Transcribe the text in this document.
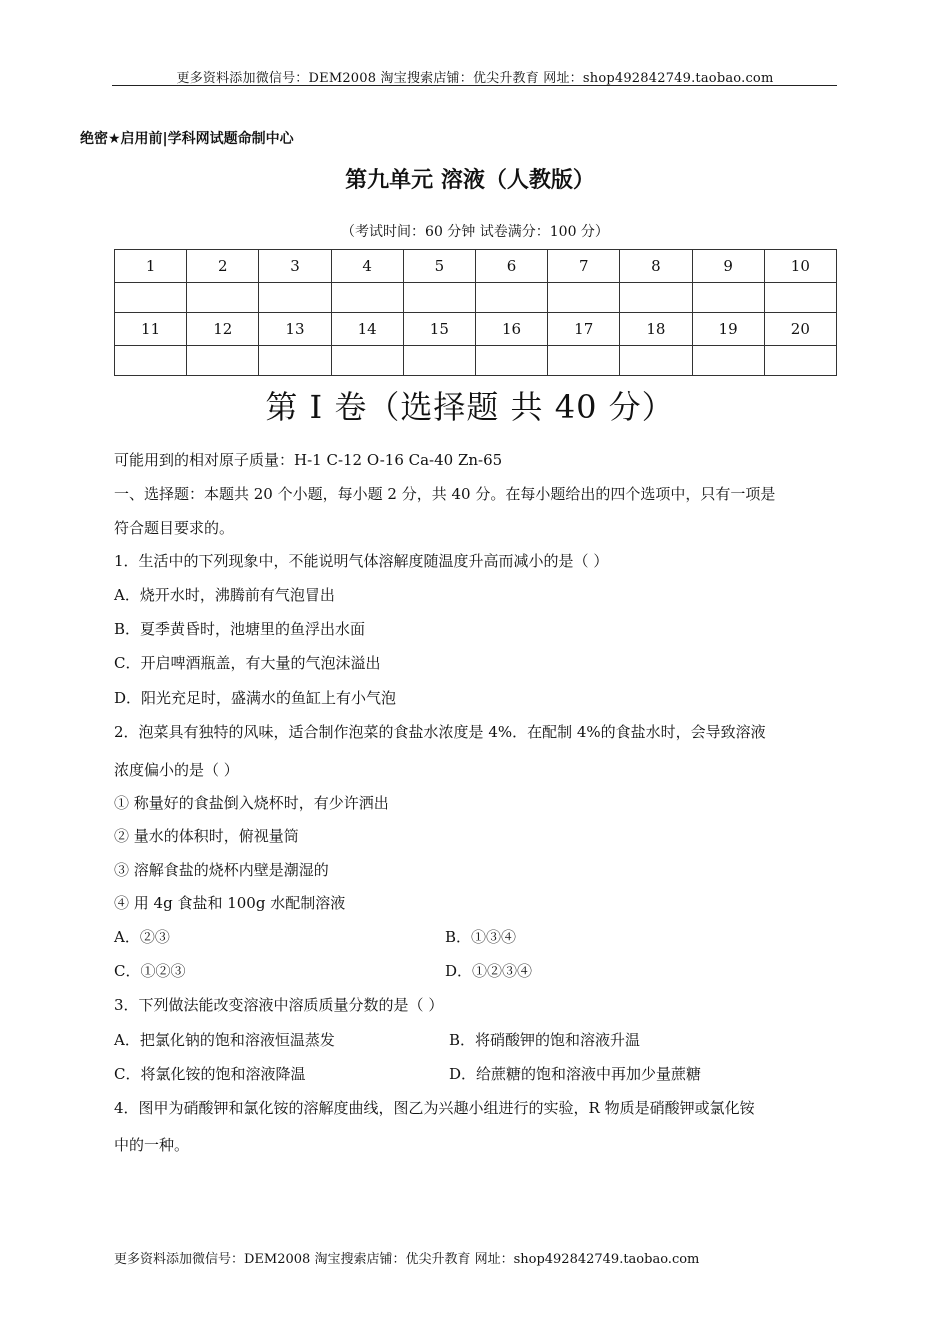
更多资料添加微信号：DEM2008 淘宝搜索店铺：优尖升教育 网址：shop492842749.taobao.com
绝密★启用前|学科网试题命制中心
第九单元 溶液（人教版）
（考试时间：60 分钟 试卷满分：100 分）
1	2	3	4	5	6	7	8	9	10

11	12	13	14	15	16	17	18	19	20

第 I 卷（选择题 共 40 分）
可能用到的相对原子质量：H-1 C-12 O-16 Ca-40 Zn-65
一、选择题：本题共 20 个小题，每小题 2 分，共 40 分。在每小题给出的四个选项中，只有一项是
符合题目要求的。
1．生活中的下列现象中，不能说明气体溶解度随温度升高而减小的是（ ）
A．烧开水时，沸腾前有气泡冒出
B．夏季黄昏时，池塘里的鱼浮出水面
C．开启啤酒瓶盖，有大量的气泡沫溢出
D．阳光充足时，盛满水的鱼缸上有小气泡
2．泡菜具有独特的风味，适合制作泡菜的食盐水浓度是 4%．在配制 4%的食盐水时，会导致溶液
浓度偏小的是（ ）
① 称量好的食盐倒入烧杯时，有少许洒出
② 量水的体积时，俯视量筒
③ 溶解食盐的烧杯内壁是潮湿的
④ 用 4g 食盐和 100g 水配制溶液
A．②③	B．①③④
C．①②③	D．①②③④
3．下列做法能改变溶液中溶质质量分数的是（ ）
A．把氯化钠的饱和溶液恒温蒸发	B．将硝酸钾的饱和溶液升温
C．将氯化铵的饱和溶液降温	D．给蔗糖的饱和溶液中再加少量蔗糖
4．图甲为硝酸钾和氯化铵的溶解度曲线，图乙为兴趣小组进行的实验，R 物质是硝酸钾或氯化铵
中的一种。
更多资料添加微信号：DEM2008 淘宝搜索店铺：优尖升教育 网址：shop492842749.taobao.com
